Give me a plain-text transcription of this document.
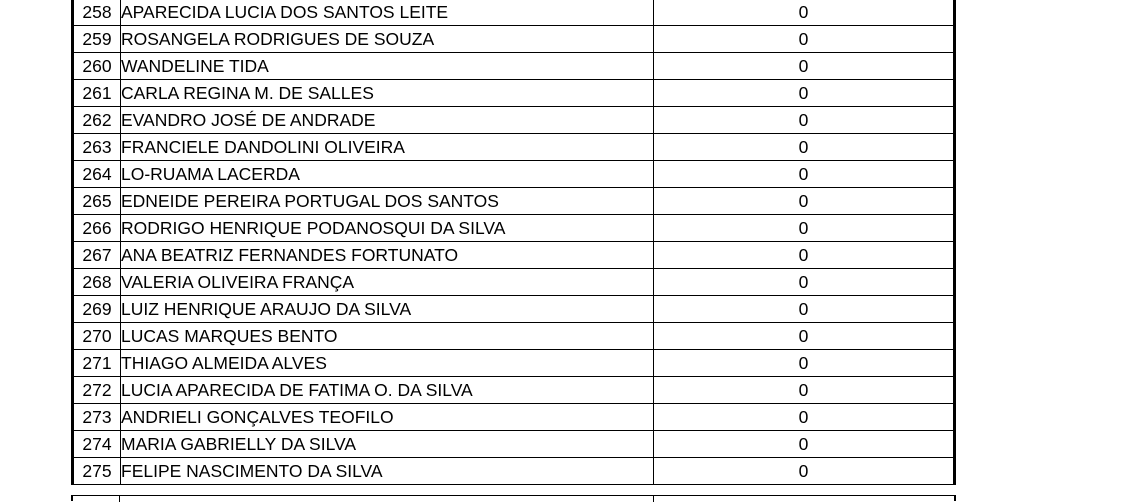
258	APARECIDA LUCIA DOS SANTOS LEITE	0
259	ROSANGELA RODRIGUES DE SOUZA	0
260	WANDELINE TIDA	0
261	CARLA REGINA M. DE SALLES	0
262	EVANDRO JOSÉ DE ANDRADE	0
263	FRANCIELE DANDOLINI OLIVEIRA	0
264	LO-RUAMA LACERDA	0
265	EDNEIDE PEREIRA PORTUGAL DOS SANTOS	0
266	RODRIGO HENRIQUE PODANOSQUI DA SILVA	0
267	ANA BEATRIZ FERNANDES FORTUNATO	0
268	VALERIA OLIVEIRA FRANÇA	0
269	LUIZ HENRIQUE ARAUJO DA SILVA	0
270	LUCAS MARQUES BENTO	0
271	THIAGO ALMEIDA ALVES	0
272	LUCIA APARECIDA DE FATIMA O. DA SILVA	0
273	ANDRIELI GONÇALVES TEOFILO	0
274	MARIA GABRIELLY DA SILVA	0
275	FELIPE NASCIMENTO DA SILVA	0
